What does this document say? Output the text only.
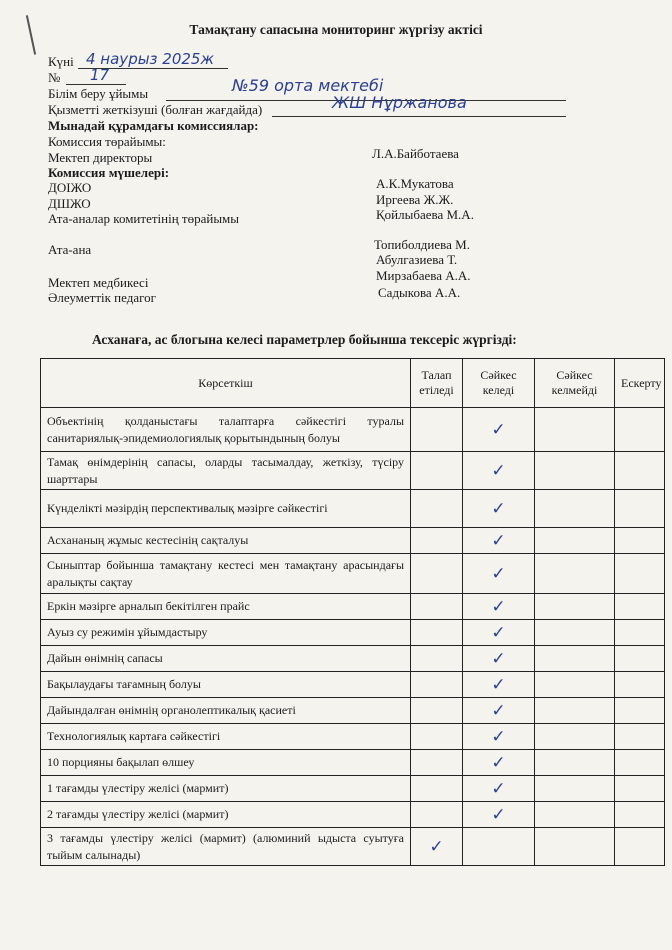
Тамақтану сапасына мониторинг жүргізу актісі
Күні 4 наурыз 2025ж
№ 17
Білім беру ұйымы	№59 орта мектебі
Қызметті жеткізуші (болған жағдайда)	ЖШ Нұржанова
Мынадай құрамдағы комиссиялар:
Комиссия төрайымы:
Мектеп директоры	Л.А.Байботаева
Комиссия мүшелері:
ДОІЖО	А.К.Мукатова
ДШЖО	Иргеева Ж.Ж.
Ата-аналар комитетінің төрайымы	Қойлыбаева М.А.
Ата-ана	Топиболдиева М.
Абулгазиева Т.
Мектеп медбикесі	Мирзабаева А.А.
Әлеуметтік педагог	Садыкова А.А.
Асханаға, ас блогына келесі параметрлер бойынша тексеріс жүргізді:
Көрсеткіш	Талап етіледі	Сәйкес келеді	Сәйкес келмейді	Ескерту
Объектінің қолданыстағы талаптарға сәйкестігі туралы санитариялық-эпидемиологиялық қорытындының болуы		✓		
Тамақ өнімдерінің сапасы, оларды тасымалдау, жеткізу, түсіру шарттары		✓		
Күнделікті мәзірдің перспективалық мәзірге сәйкестігі		✓		
Асхананың жұмыс кестесінің сақталуы		✓		
Сыныптар бойынша тамақтану кестесі мен тамақтану арасындағы аралықты сақтау		✓		
Еркін мәзірге арналып бекітілген прайс		✓		
Ауыз су режимін ұйымдастыру		✓		
Дайын өнімнің сапасы		✓		
Бақылаудағы тағамның болуы		✓		
Дайындалған өнімнің органолептикалық қасиеті		✓		
Технологиялық картаға сәйкестігі		✓		
10 порцияны бақылап өлшеу		✓		
1 тағамды үлестіру желісі (мармит)		✓		
2 тағамды үлестіру желісі (мармит)		✓		
3 тағамды үлестіру желісі (мармит) (алюминий ыдыста суытуға тыйым салынады)	✓			
